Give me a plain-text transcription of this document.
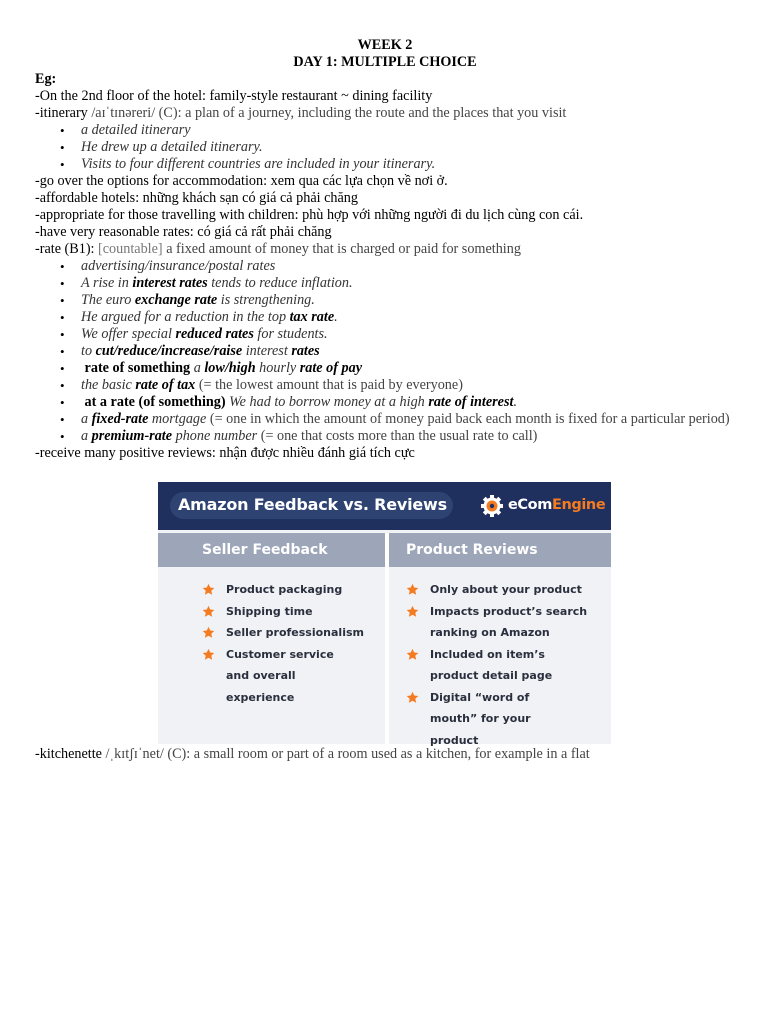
WEEK 2
DAY 1: MULTIPLE CHOICE
Eg:
-On the 2nd floor of the hotel: family-style restaurant ~ dining facility
-itinerary /aɪˈtɪnəreri/ (C): a plan of a journey, including the route and the places that you visit
• a detailed itinerary
• He drew up a detailed itinerary.
• Visits to four different countries are included in your itinerary.
-go over the options for accommodation: xem qua các lựa chọn về nơi ở.
-affordable hotels: những khách sạn có giá cả phải chăng
-appropriate for those travelling with children: phù hợp với những người đi du lịch cùng con cái.
-have very reasonable rates: có giá cả rất phải chăng
-rate (B1): [countable] a fixed amount of money that is charged or paid for something
• advertising/insurance/postal rates
• A rise in interest rates tends to reduce inflation.
• The euro exchange rate is strengthening.
• He argued for a reduction in the top tax rate.
• We offer special reduced rates for students.
• to cut/reduce/increase/raise interest rates
• rate of something a low/high hourly rate of pay
• the basic rate of tax (= the lowest amount that is paid by everyone)
• at a rate (of something) We had to borrow money at a high rate of interest.
• a fixed-rate mortgage (= one in which the amount of money paid back each month is fixed for a particular period)
• a premium-rate phone number (= one that costs more than the usual rate to call)
-receive many positive reviews: nhận được nhiều đánh giá tích cực
Amazon Feedback vs. Reviews	eComEngine
Seller Feedback	Product Reviews
Product packaging
Shipping time
Seller professionalism
Customer service and overall experience
Only about your product
Impacts product’s search ranking on Amazon
Included on item’s product detail page
Digital “word of mouth” for your product
-kitchenette /ˌkɪtʃɪˈnet/ (C): a small room or part of a room used as a kitchen, for example in a flat
